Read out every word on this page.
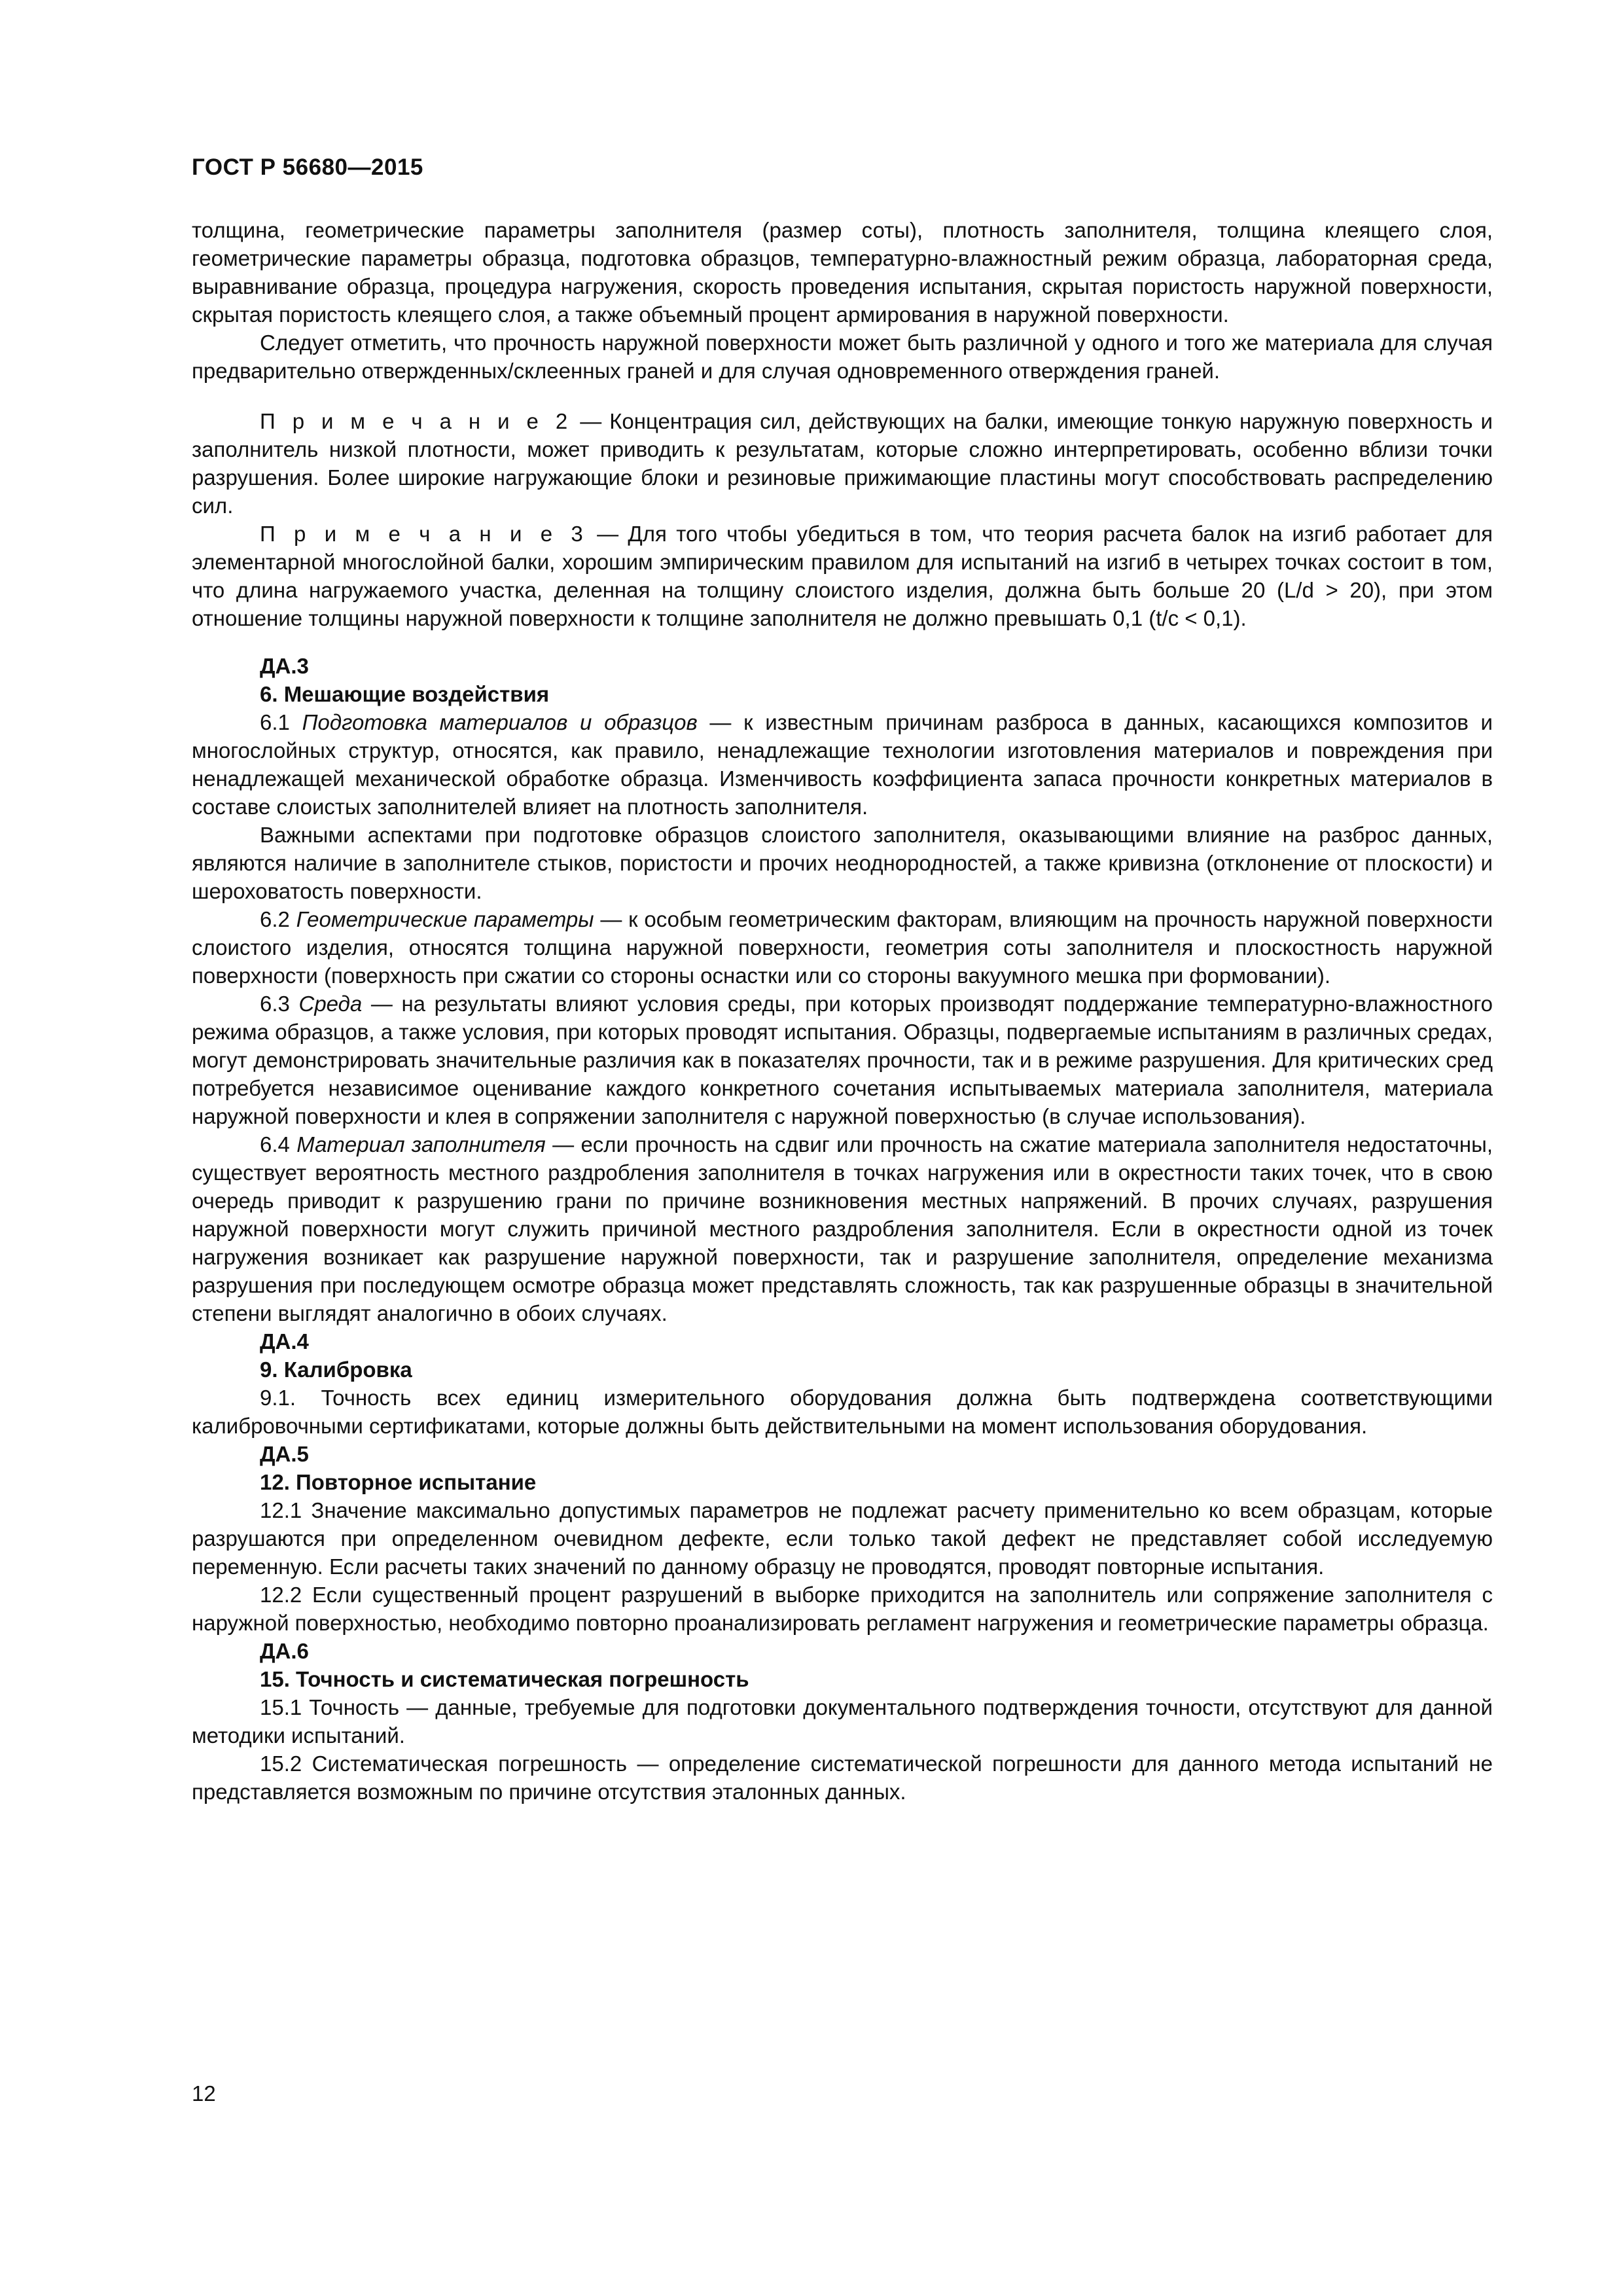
ГОСТ Р 56680—2015

толщина, геометрические параметры заполнителя (размер соты), плотность заполнителя, толщина клеящего слоя, геометрические параметры образца, подготовка образцов, температурно-влажностный режим образца, лабораторная среда, выравнивание образца, процедура нагружения, скорость проведения испытания, скрытая пористость наружной поверхности, скрытая пористость клеящего слоя, а также объемный процент армирования в наружной поверхности.

Следует отметить, что прочность наружной поверхности может быть различной у одного и того же материала для случая предварительно отвержденных/склеенных граней и для случая одновременного отверждения граней.

П р и м е ч а н и е 2 — Концентрация сил, действующих на балки, имеющие тонкую наружную поверхность и заполнитель низкой плотности, может приводить к результатам, которые сложно интерпретировать, особенно вблизи точки разрушения. Более широкие нагружающие блоки и резиновые прижимающие пластины могут способствовать распределению сил.

П р и м е ч а н и е 3 — Для того чтобы убедиться в том, что теория расчета балок на изгиб работает для элементарной многослойной балки, хорошим эмпирическим правилом для испытаний на изгиб в четырех точках состоит в том, что длина нагружаемого участка, деленная на толщину слоистого изделия, должна быть больше 20 (L/d > 20), при этом отношение толщины наружной поверхности к толщине заполнителя не должно превышать 0,1 (t/c < 0,1).

ДА.3

6. Мешающие воздействия

6.1 Подготовка материалов и образцов — к известным причинам разброса в данных, касающихся композитов и многослойных структур, относятся, как правило, ненадлежащие технологии изготовления материалов и повреждения при ненадлежащей механической обработке образца. Изменчивость коэффициента запаса прочности конкретных материалов в составе слоистых заполнителей влияет на плотность заполнителя.

Важными аспектами при подготовке образцов слоистого заполнителя, оказывающими влияние на разброс данных, являются наличие в заполнителе стыков, пористости и прочих неоднородностей, а также кривизна (отклонение от плоскости) и шероховатость поверхности.

6.2 Геометрические параметры — к особым геометрическим факторам, влияющим на прочность наружной поверхности слоистого изделия, относятся толщина наружной поверхности, геометрия соты заполнителя и плоскостность наружной поверхности (поверхность при сжатии со стороны оснастки или со стороны вакуумного мешка при формовании).

6.3 Среда — на результаты влияют условия среды, при которых производят поддержание температурно-влажностного режима образцов, а также условия, при которых проводят испытания. Образцы, подвергаемые испытаниям в различных средах, могут демонстрировать значительные различия как в показателях прочности, так и в режиме разрушения. Для критических сред потребуется независимое оценивание каждого конкретного сочетания испытываемых материала заполнителя, материала наружной поверхности и клея в сопряжении заполнителя с наружной поверхностью (в случае использования).

6.4 Материал заполнителя — если прочность на сдвиг или прочность на сжатие материала заполнителя недостаточны, существует вероятность местного раздробления заполнителя в точках нагружения или в окрестности таких точек, что в свою очередь приводит к разрушению грани по причине возникновения местных напряжений. В прочих случаях, разрушения наружной поверхности могут служить причиной местного раздробления заполнителя. Если в окрестности одной из точек нагружения возникает как разрушение наружной поверхности, так и разрушение заполнителя, определение механизма разрушения при последующем осмотре образца может представлять сложность, так как разрушенные образцы в значительной степени выглядят аналогично в обоих случаях.

ДА.4

9. Калибровка

9.1. Точность всех единиц измерительного оборудования должна быть подтверждена соответствующими калибровочными сертификатами, которые должны быть действительными на момент использования оборудования.

ДА.5

12. Повторное испытание

12.1 Значение максимально допустимых параметров не подлежат расчету применительно ко всем образцам, которые разрушаются при определенном очевидном дефекте, если только такой дефект не представляет собой исследуемую переменную. Если расчеты таких значений по данному образцу не проводятся, проводят повторные испытания.

12.2 Если существенный процент разрушений в выборке приходится на заполнитель или сопряжение заполнителя с наружной поверхностью, необходимо повторно проанализировать регламент нагружения и геометрические параметры образца.

ДА.6

15. Точность и систематическая погрешность

15.1 Точность — данные, требуемые для подготовки документального подтверждения точности, отсутствуют для данной методики испытаний.

15.2 Систематическая погрешность — определение систематической погрешности для данного метода испытаний не представляется возможным по причине отсутствия эталонных данных.

12
